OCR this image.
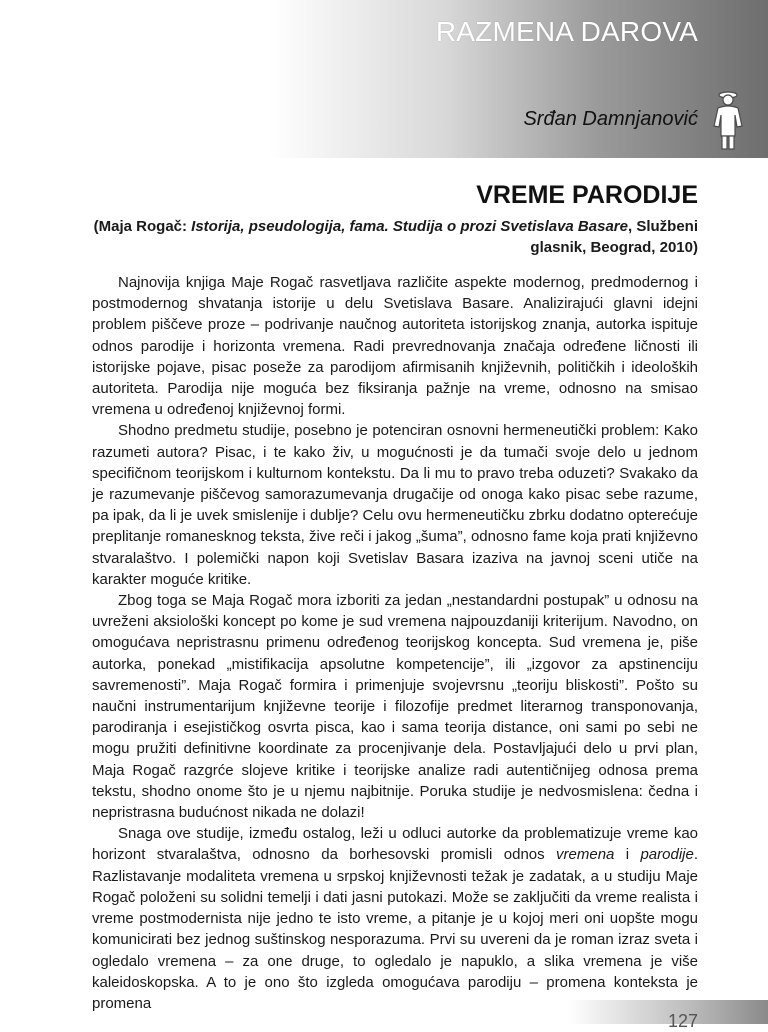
RAZMENA DAROVA
Srđan Damnjanović
VREME PARODIJE
(Maja Rogač: Istorija, pseudologija, fama. Studija o prozi Svetislava Basare, Službeni glasnik, Beograd, 2010)

Najnovija knjiga Maje Rogač rasvetljava različite aspekte modernog, predmodernog i postmodernog shvatanja istorije u delu Svetislava Basare. Analizirajući glavni idejni problem piščeve proze – podrivanje naučnog autoriteta istorijskog znanja, autorka ispituje odnos parodije i horizonta vremena. Radi prevrednovanja značaja određene ličnosti ili istorijske pojave, pisac poseže za parodijom afirmisanih književnih, političkih i ideoloških autoriteta. Parodija nije moguća bez fiksiranja pažnje na vreme, odnosno na smisao vremena u određenoj književnoj formi.

Shodno predmetu studije, posebno je potenciran osnovni hermeneutički problem: Kako razumeti autora? Pisac, i te kako živ, u mogućnosti je da tumači svoje delo u jednom specifičnom teorijskom i kulturnom kontekstu. Da li mu to pravo treba oduzeti? Svakako da je razumevanje piščevog samorazumevanja drugačije od onoga kako pisac sebe razume, pa ipak, da li je uvek smislenije i dublje? Celu ovu hermeneutičku zbrku dodatno opterećuje preplitanje romanesknog teksta, žive reči i jakog „šuma”, odnosno fame koja prati književno stvaralaštvo. I polemički napon koji Svetislav Basara izaziva na javnoj sceni utiče na karakter moguće kritike.

Zbog toga se Maja Rogač mora izboriti za jedan „nestandardni postupak” u odnosu na uvreženi aksiološki koncept po kome je sud vremena najpouzdaniji kriterijum. Navodno, on omogućava nepristrasnu primenu određenog teorijskog koncepta. Sud vremena je, piše autorka, ponekad „mistifikacija apsolutne kompetencije”, ili „izgovor za apstinenciju savremenosti”. Maja Rogač formira i primenjuje svojevrsnu „teoriju bliskosti”. Pošto su naučni instrumentarijum književne teorije i filozofije predmet literarnog transponovanja, parodiranja i esejističkog osvrta pisca, kao i sama teorija distance, oni sami po sebi ne mogu pružiti definitivne koordinate za procenjivanje dela. Postavljajući delo u prvi plan, Maja Rogač razgrće slojeve kritike i teorijske analize radi autentičnijeg odnosa prema tekstu, shodno onome što je u njemu najbitnije. Poruka studije je nedvosmislena: čedna i nepristrasna budućnost nikada ne dolazi!

Snaga ove studije, između ostalog, leži u odluci autorke da problematizuje vreme kao horizont stvaralaštva, odnosno da borhesovski promisli odnos vremena i parodije. Razlistavanje modaliteta vremena u srpskoj književnosti težak je zadatak, a u studiju Maje Rogač položeni su solidni temelji i dati jasni putokazi. Može se zaključiti da vreme realista i vreme postmodernista nije jedno te isto vreme, a pitanje je u kojoj meri oni uopšte mogu komunicirati bez jednog suštinskog nesporazuma. Prvi su uvereni da je roman izraz sveta i ogledalo vremena – za one druge, to ogledalo je napuklo, a slika vremena je više kaleidoskopska. A to je ono što izgleda omogućava parodiju – promena konteksta je promena

127
